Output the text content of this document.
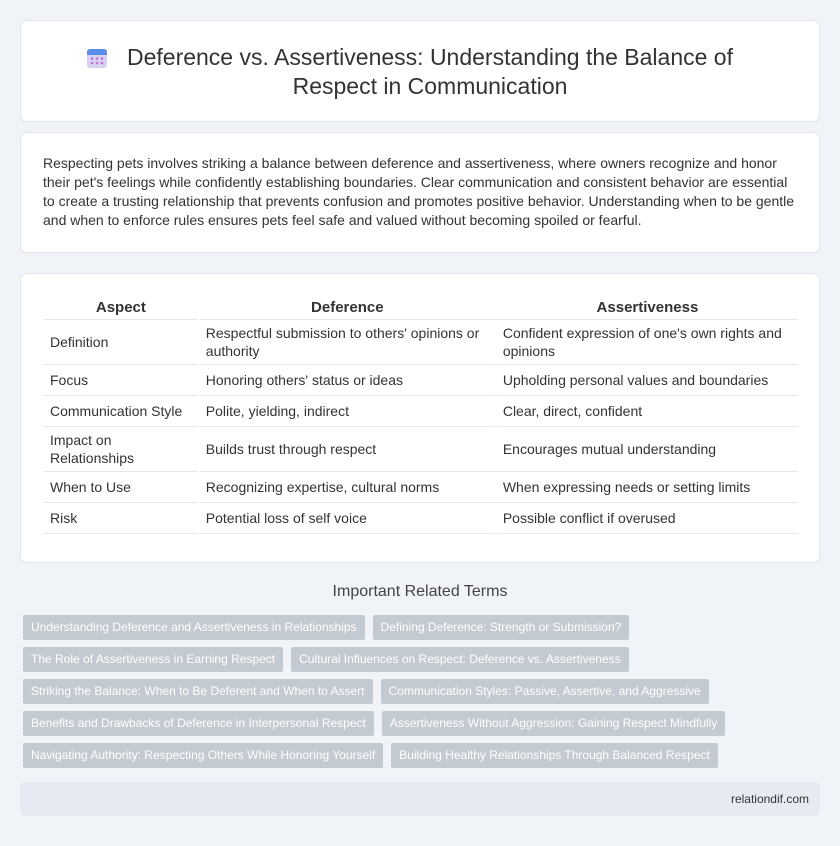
Deference vs. Assertiveness: Understanding the Balance of Respect in Communication

Respecting pets involves striking a balance between deference and assertiveness, where owners recognize and honor their pet's feelings while confidently establishing boundaries. Clear communication and consistent behavior are essential to create a trusting relationship that prevents confusion and promotes positive behavior. Understanding when to be gentle and when to enforce rules ensures pets feel safe and valued without becoming spoiled or fearful.

Aspect	Deference	Assertiveness
Definition	Respectful submission to others' opinions or authority	Confident expression of one's own rights and opinions
Focus	Honoring others' status or ideas	Upholding personal values and boundaries
Communication Style	Polite, yielding, indirect	Clear, direct, confident
Impact on Relationships	Builds trust through respect	Encourages mutual understanding
When to Use	Recognizing expertise, cultural norms	When expressing needs or setting limits
Risk	Potential loss of self voice	Possible conflict if overused
Important Related Terms
Understanding Deference and Assertiveness in Relationships	Defining Deference: Strength or Submission?
The Role of Assertiveness in Earning Respect	Cultural Influences on Respect: Deference vs. Assertiveness
Striking the Balance: When to Be Deferent and When to Assert	Communication Styles: Passive, Assertive, and Aggressive
Benefits and Drawbacks of Deference in Interpersonal Respect	Assertiveness Without Aggression: Gaining Respect Mindfully
Navigating Authority: Respecting Others While Honoring Yourself	Building Healthy Relationships Through Balanced Respect
relationdif.com
